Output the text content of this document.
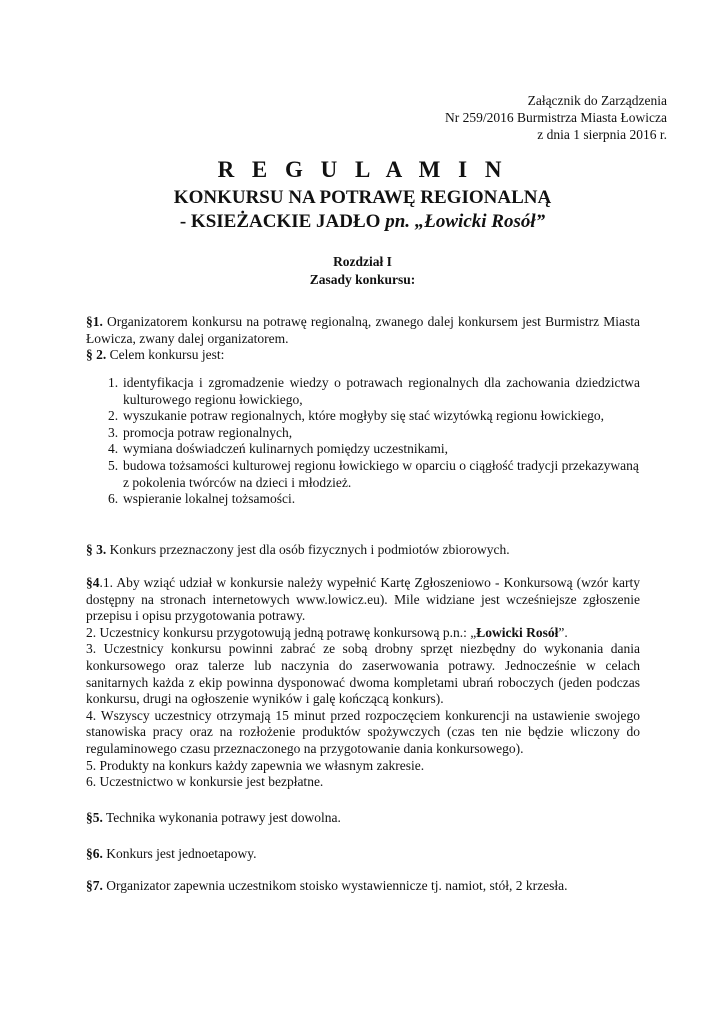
Załącznik do Zarządzenia
Nr 259/2016 Burmistrza Miasta Łowicza
z dnia 1 sierpnia 2016 r.
R E G U L A M I N
KONKURSU NA POTRAWĘ REGIONALNĄ
- KSIEŻACKIE JADŁO pn. „Łowicki Rosół”
Rozdział I
Zasady konkursu:

§1. Organizatorem konkursu na potrawę regionalną, zwanego dalej konkursem jest Burmistrz Miasta Łowicza, zwany dalej organizatorem.

§ 2. Celem konkursu jest:

1. identyfikacja i zgromadzenie wiedzy o potrawach regionalnych dla zachowania dziedzictwa kulturowego regionu łowickiego,
2. wyszukanie potraw regionalnych, które mogłyby się stać wizytówką regionu łowickiego,
3. promocja potraw regionalnych,
4. wymiana doświadczeń kulinarnych pomiędzy uczestnikami,
5. budowa tożsamości kulturowej regionu łowickiego w oparciu o ciągłość tradycji przekazywaną
z pokolenia twórców na dzieci i młodzież.
6. wspieranie lokalnej tożsamości.

§ 3. Konkurs przeznaczony jest dla osób fizycznych i podmiotów zbiorowych.

§4.1. Aby wziąć udział w konkursie należy wypełnić Kartę Zgłoszeniowo - Konkursową (wzór karty dostępny na stronach internetowych www.lowicz.eu). Mile widziane jest wcześniejsze zgłoszenie przepisu i opisu przygotowania potrawy.

2. Uczestnicy konkursu przygotowują jedną potrawę konkursową p.n.: „Łowicki Rosół”.

3. Uczestnicy konkursu powinni zabrać ze sobą drobny sprzęt niezbędny do wykonania dania konkursowego oraz talerze lub naczynia do zaserwowania potrawy. Jednocześnie w celach sanitarnych każda z ekip powinna dysponować dwoma kompletami ubrań roboczych (jeden podczas konkursu, drugi na ogłoszenie wyników i galę kończącą konkurs).

4. Wszyscy uczestnicy otrzymają 15 minut przed rozpoczęciem konkurencji na ustawienie swojego stanowiska pracy oraz na rozłożenie produktów spożywczych (czas ten nie będzie wliczony do regulaminowego czasu przeznaczonego na przygotowanie dania konkursowego).

5. Produkty na konkurs każdy zapewnia we własnym zakresie.

6. Uczestnictwo w konkursie jest bezpłatne.

§5. Technika wykonania potrawy jest dowolna.

§6. Konkurs jest jednoetapowy.

§7. Organizator zapewnia uczestnikom stoisko wystawiennicze tj. namiot, stół, 2 krzesła.
